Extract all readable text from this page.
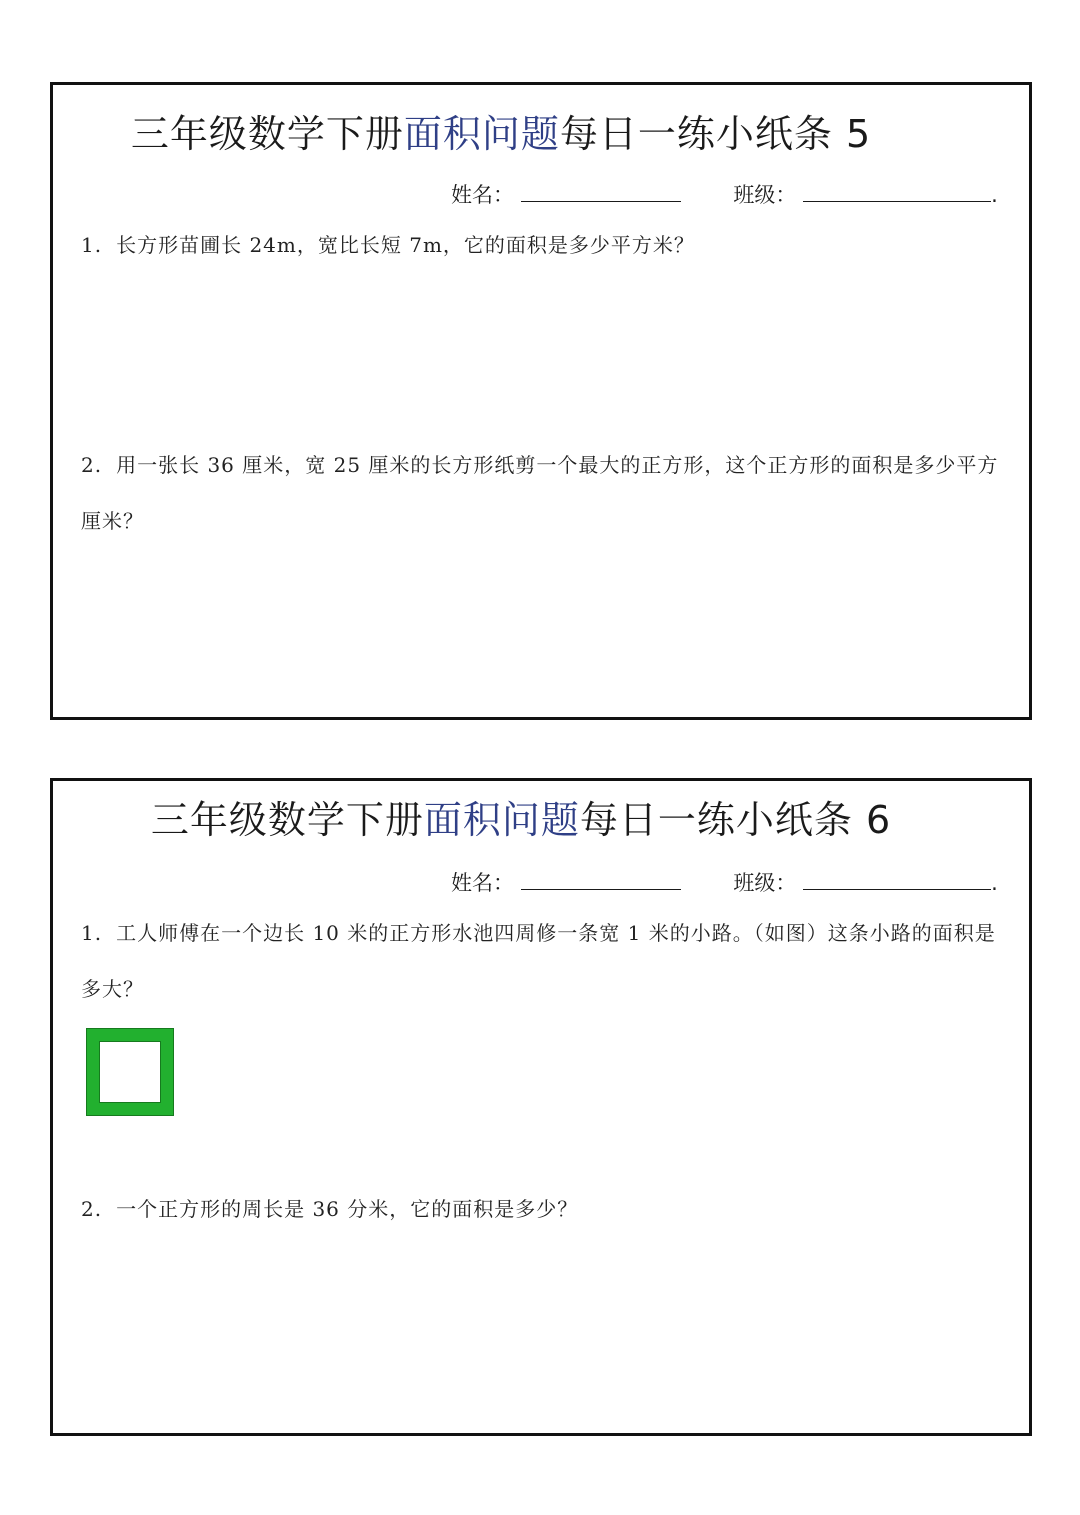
三年级数学下册面积问题每日一练小纸条 5
姓名：	班级：	.
1. 长方形苗圃长 24m，宽比长短 7m，它的面积是多少平方米？
2. 用一张长 36 厘米，宽 25 厘米的长方形纸剪一个最大的正方形，这个正方形的面积是多少平方厘米？
三年级数学下册面积问题每日一练小纸条 6
姓名：	班级：	.
1. 工人师傅在一个边长 10 米的正方形水池四周修一条宽 1 米的小路。（如图）这条小路的面积是多大？
2. 一个正方形的周长是 36 分米，它的面积是多少？
